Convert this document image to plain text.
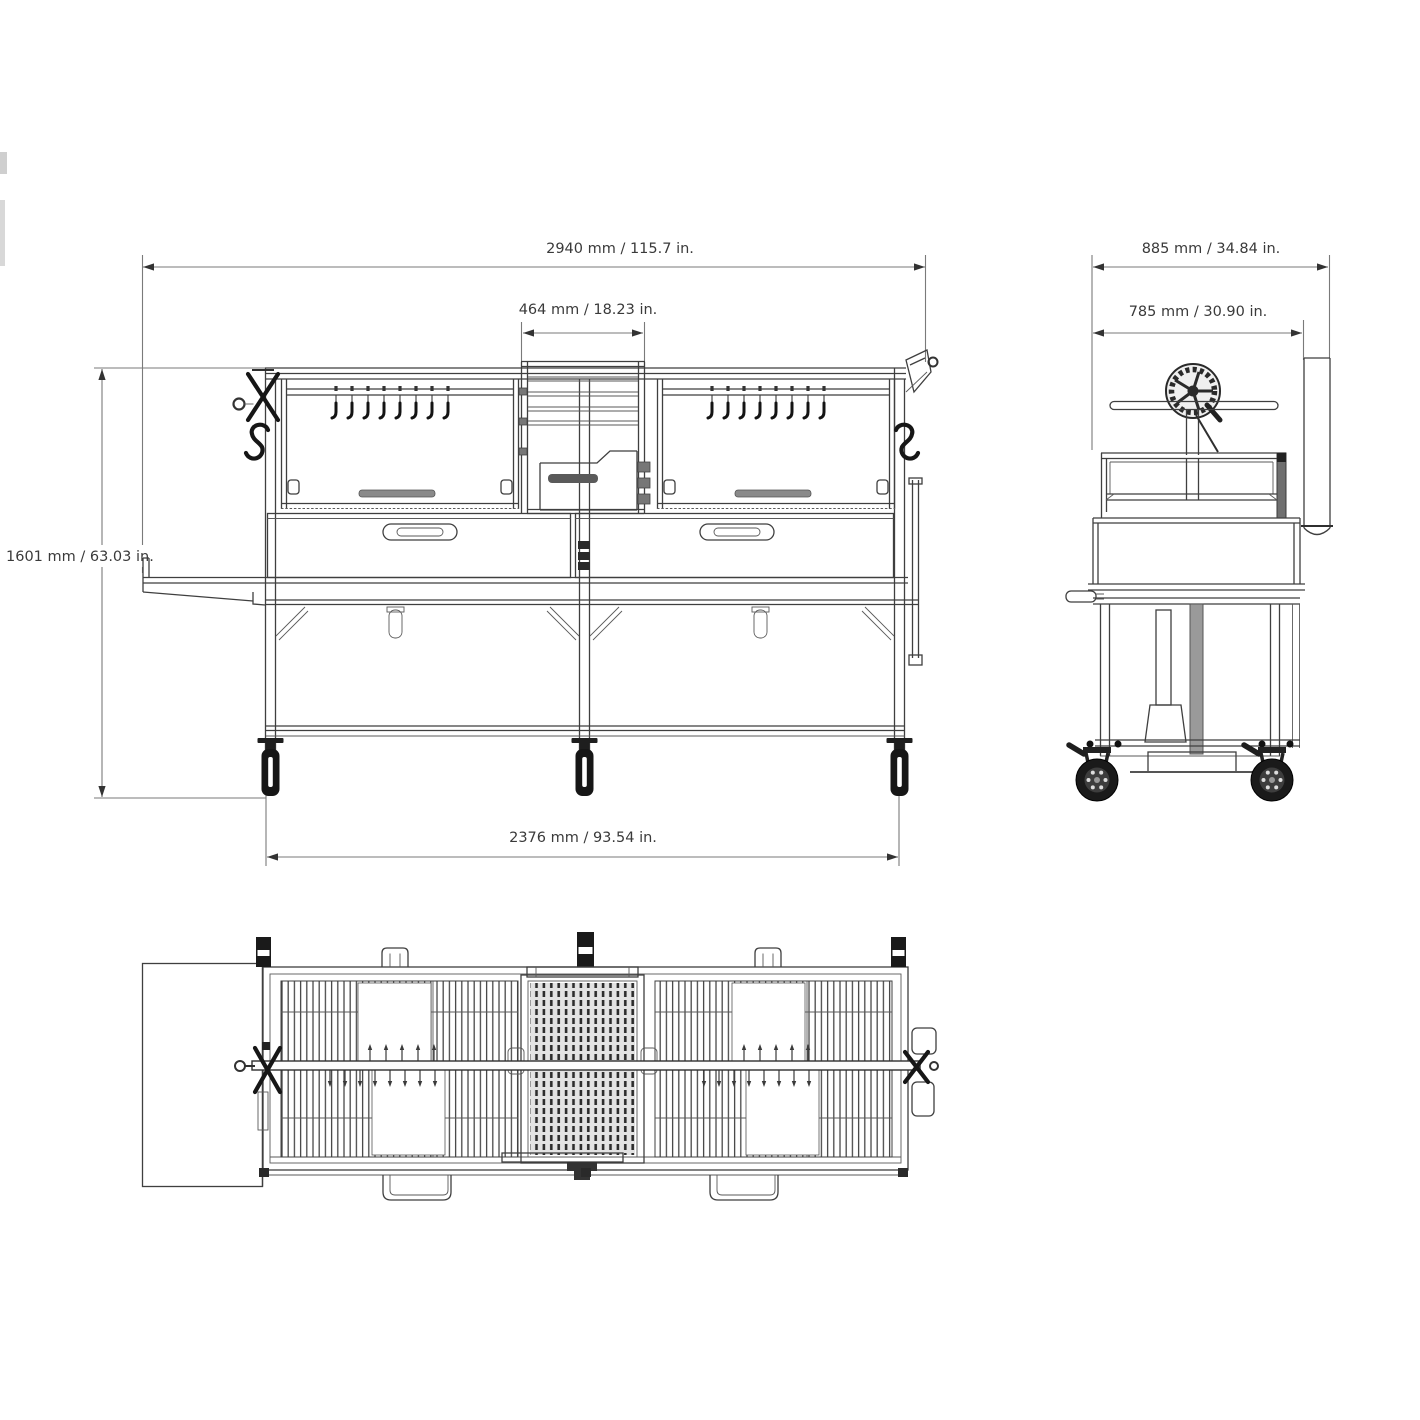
2940 mm / 115.7 in.
464 mm / 18.23 in.
1601 mm / 63.03 in.
2376 mm / 93.54 in.
885 mm / 34.84 in.
785 mm / 30.90 in.
